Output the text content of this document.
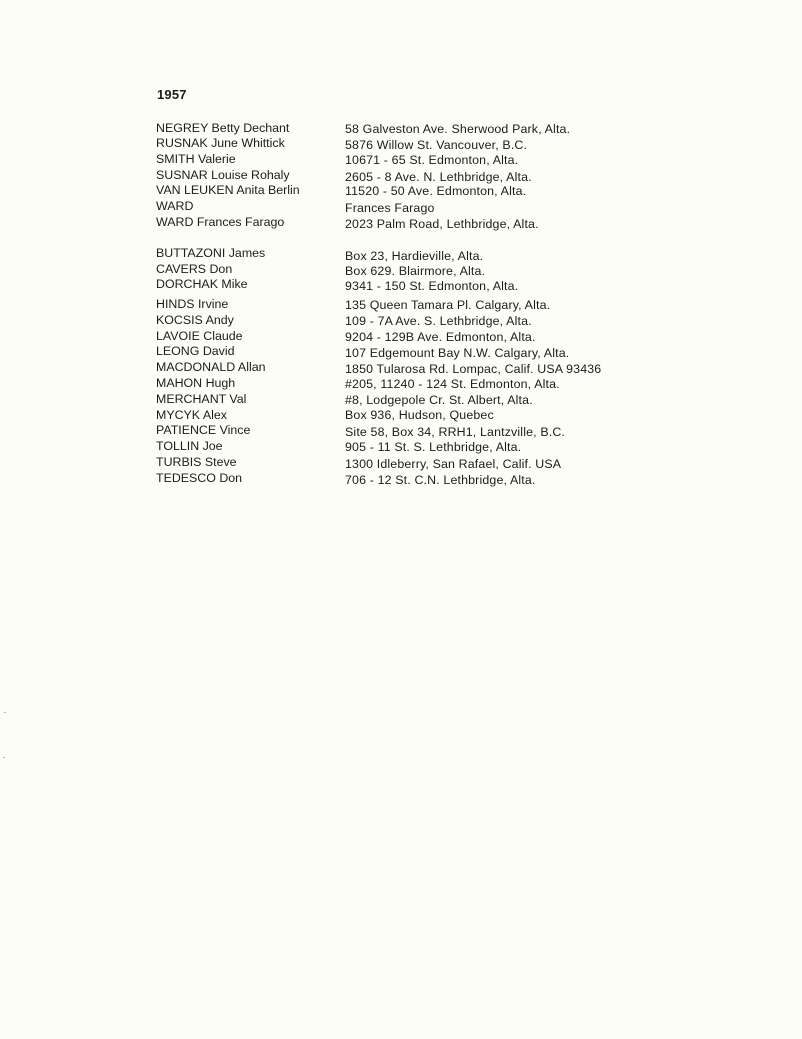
1957
NEGREY Betty Dechant	58 Galveston Ave. Sherwood Park, Alta.
RUSNAK June Whittick	5876 Willow St. Vancouver, B.C.
SMITH Valerie	10671 - 65 St. Edmonton, Alta.
SUSNAR Louise Rohaly	2605 - 8 Ave. N. Lethbridge, Alta.
VAN LEUKEN Anita Berlin	11520 - 50 Ave. Edmonton, Alta.
WARD	Frances Farago
WARD Frances Farago	2023 Palm Road, Lethbridge, Alta.
BUTTAZONI James	Box 23, Hardieville, Alta.
CAVERS Don	Box 629. Blairmore, Alta.
DORCHAK Mike	9341 - 150 St. Edmonton, Alta.
HINDS Irvine	135 Queen Tamara Pl. Calgary, Alta.
KOCSIS Andy	109 - 7A Ave. S. Lethbridge, Alta.
LAVOIE Claude	9204 - 129B Ave. Edmonton, Alta.
LEONG David	107 Edgemount Bay N.W. Calgary, Alta.
MACDONALD Allan	1850 Tularosa Rd. Lompac, Calif. USA 93436
MAHON Hugh	#205, 11240 - 124 St. Edmonton, Alta.
MERCHANT Val	#8, Lodgepole Cr. St. Albert, Alta.
MYCYK Alex	Box 936, Hudson, Quebec
PATIENCE Vince	Site 58, Box 34, RRH1, Lantzville, B.C.
TOLLIN Joe	905 - 11 St. S. Lethbridge, Alta.
TURBIS Steve	1300 Idleberry, San Rafael, Calif. USA
TEDESCO Don	706 - 12 St. C.N. Lethbridge, Alta.
